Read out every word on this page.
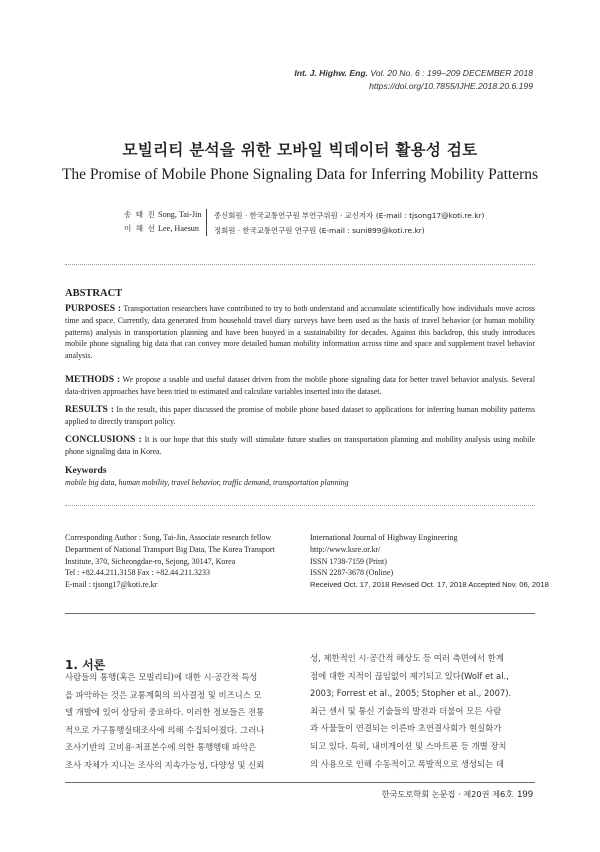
Int. J. Highw. Eng. Vol. 20 No. 6 : 199–209 DECEMBER 2018
https://doi.org/10.7855/IJHE.2018.20.6.199
모빌리티 분석을 위한 모바일 빅데이터 활용성 검토
The Promise of Mobile Phone Signaling Data for Inferring Mobility Patterns
송 태 진 Song, Tai-Jin
이 해 선 Lee, Haesun
종신회원 · 한국교통연구원 부연구위원 · 교신저자 (E-mail : tjsong17@koti.re.kr)
정회원 · 한국교통연구원 연구원 (E-mail : suni899@koti.re.kr)
ABSTRACT
PURPOSES : Transportation researchers have contributed to try to both understand and accumulate scientifically how individuals move across time and space. Currently, data generated from household travel diary surveys have been used as the basis of travel behavior (or human mobility patterns) analysis in transportation planning and have been buoyed in a sustainability for decades. Against this backdrop, this study introduces mobile phone signaling big data that can convey more detailed human mobility information across time and space and supplement travel behavior analysis.
METHODS : We propose a usable and useful dataset driven from the mobile phone signaling data for better travel behavior analysis. Several data-driven approaches have been tried to estimated and calculate variables inserted into the dataset.
RESULTS : In the result, this paper discussed the promise of mobile phone based dataset to applications for inferring human mobility patterns applied to directly transport policy.
CONCLUSIONS : It is our hope that this study will stimulate future studies on transportation planning and mobility analysis using mobile phone signaling data in Korea.
Keywords
mobile big data, human mobility, travel behavior, traffic demand, transportation planning
Corresponding Author : Song, Tai-Jin, Associate research fellow
Department of National Transport Big Data, The Korea Transport
Institute, 370, Sicheongdae-ro, Sejong, 30147, Korea
Tel : +82.44.211.3158 Fax : +82.44.211.3233
E-mail : tjsong17@koti.re.kr
International Journal of Highway Engineering
http://www.ksre.or.kr/
ISSN 1738-7159 (Print)
ISSN 2287-3678 (Online)
Received Oct. 17, 2018 Revised Oct. 17, 2018 Accepted Nov. 06, 2018
1. 서론
사람들의 통행(혹은 모빌리티)에 대한 시·공간적 특성
을 파악하는 것은 교통계획의 의사결정 및 비즈니스 모
델 개발에 있어 상당히 중요하다. 이러한 정보들은 전통
적으로 가구통행실태조사에 의해 수집되어졌다. 그러나
조사기반의 고비용·저표본수에 의한 통행행태 파악은
조사 자체가 지니는 조사의 지속가능성, 다양성 및 신뢰
성, 제한적인 시·공간적 해상도 등 여러 측면에서 한계
점에 대한 지적이 끊임없이 제기되고 있다(Wolf et al.,
2003; Forrest et al., 2005; Stopher et al., 2007).
최근 센서 및 통신 기술들의 발전과 더불어 모든 사람
과 사물들이 연결되는 이른바 초연결사회가 현실화가
되고 있다. 특히, 내비게이션 및 스마트폰 등 개별 장치
의 사용으로 인해 수동적이고 폭발적으로 생성되는 데
한국도로학회 논문집 · 제20권 제6호 199
